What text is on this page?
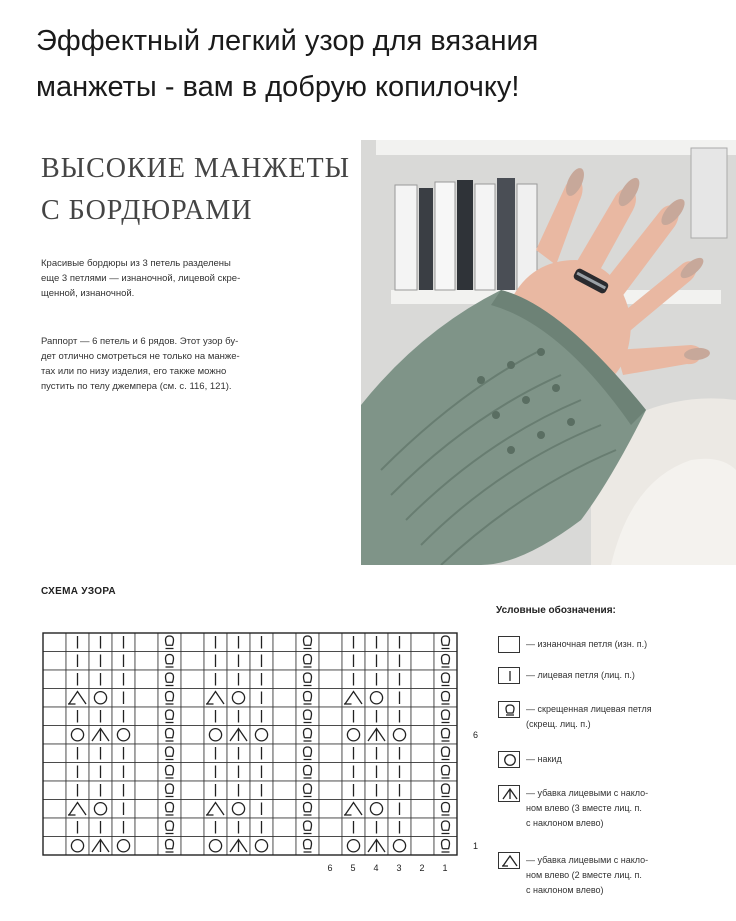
Эффектный легкий узор для вязания
манжеты - вам в добрую копилочку!
ВЫСОКИЕ МАНЖЕТЫ
С БОРДЮРАМИ
Красивые бордюры из 3 петель разделены
еще 3 петлями — изнаночной, лицевой скре-
щенной, изнаночной.
Раппорт — 6 петель и 6 рядов. Этот узор бу-
дет отлично смотреться не только на манже-
тах или по низу изделия, его также можно
пустить по телу джемпера (см. с. 116, 121).
СХЕМА УЗОРА
6
1
6 5 4 3 2 1
Условные обозначения:
— изнаночная петля (изн. п.)
— лицевая петля (лиц. п.)
— скрещенная лицевая петля
(скрещ. лиц. п.)
— накид
— убавка лицевыми с накло-
ном влево (3 вместе лиц. п.
с наклоном влево)
— убавка лицевыми с накло-
ном влево (2 вместе лиц. п.
с наклоном влево)
